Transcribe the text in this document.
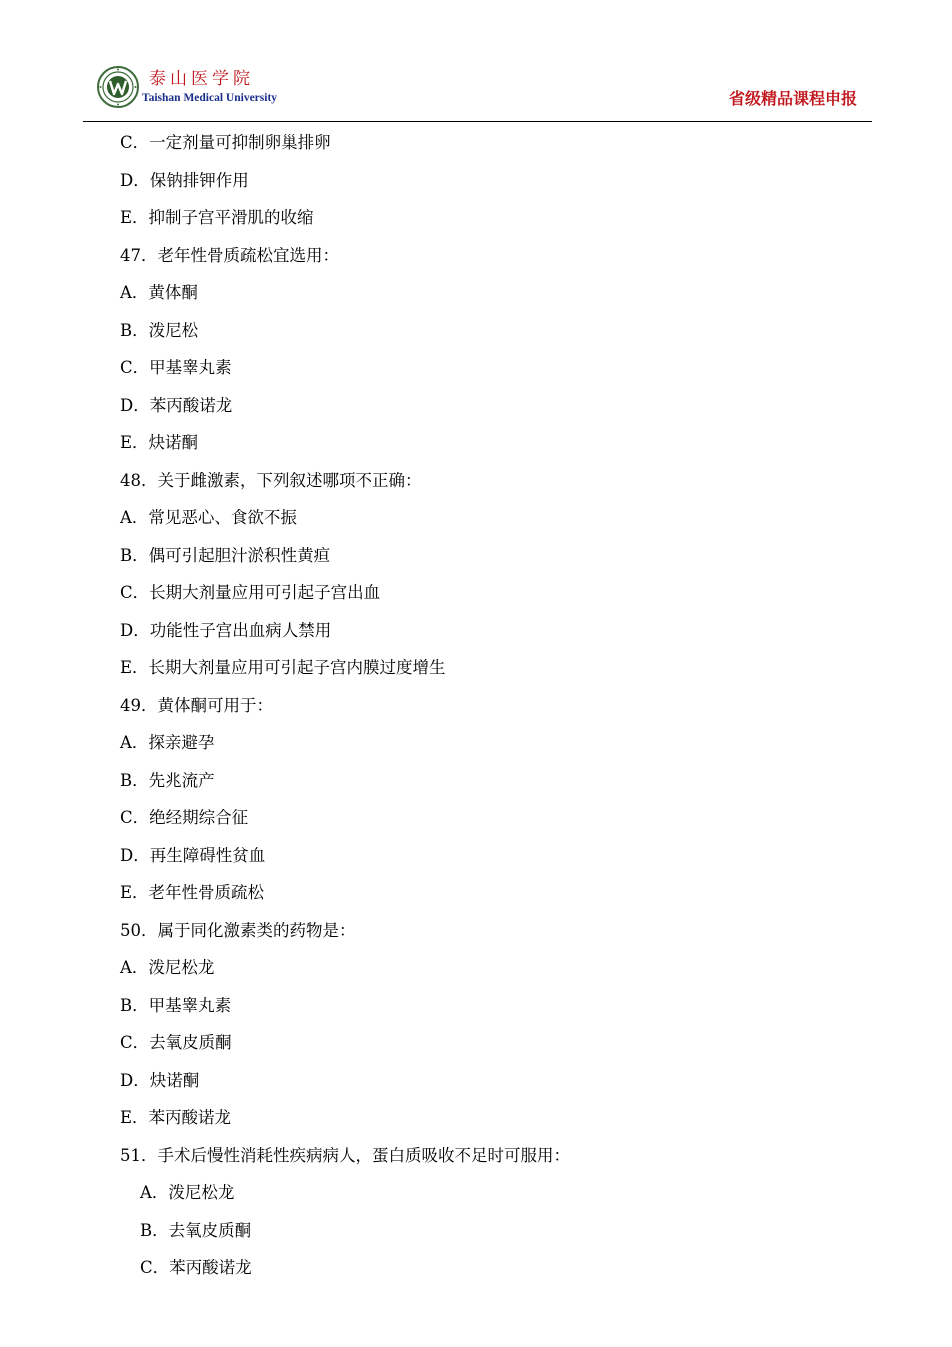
泰山医学院
Taishan Medical University	省级精品课程申报
C．一定剂量可抑制卵巢排卵
D．保钠排钾作用
E．抑制子宫平滑肌的收缩
47．老年性骨质疏松宜选用：
A．黄体酮
B．泼尼松
C．甲基睾丸素
D．苯丙酸诺龙
E．炔诺酮
48．关于雌激素，下列叙述哪项不正确：
A．常见恶心、食欲不振
B．偶可引起胆汁淤积性黄疸
C．长期大剂量应用可引起子宫出血
D．功能性子宫出血病人禁用
E．长期大剂量应用可引起子宫内膜过度增生
49．黄体酮可用于：
A．探亲避孕
B．先兆流产
C．绝经期综合征
D．再生障碍性贫血
E．老年性骨质疏松
50．属于同化激素类的药物是：
A．泼尼松龙
B．甲基睾丸素
C．去氧皮质酮
D．炔诺酮
E．苯丙酸诺龙
51．手术后慢性消耗性疾病病人，蛋白质吸收不足时可服用：
A．泼尼松龙
B．去氧皮质酮
C．苯丙酸诺龙
